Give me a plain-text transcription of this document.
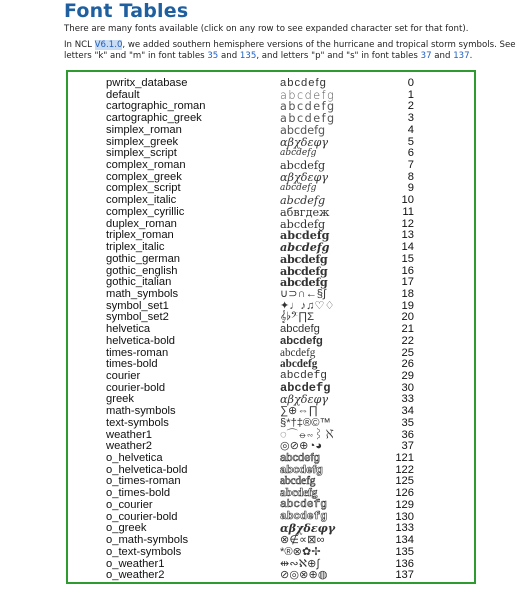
Font Tables
There are many fonts available (click on any row to see expanded character set for that font).
In NCL V6.1.0, we added southern hemisphere versions of the hurricane and tropical storm symbols. See letters "k" and "m" in font tables 35 and 135, and letters "p" and "s" in font tables 37 and 137.
pwritx_database	abcdefg	0
default	abcdefg	1
cartographic_roman	abcdefg	2
cartographic_greek	abcdefg	3
simplex_roman	abcdefg	4
simplex_greek	αβχδεφγ	5
simplex_script	abcdefg	6
complex_roman	abcdefg	7
complex_greek	αβχδεφγ	8
complex_script	abcdefg	9
complex_italic	abcdefg	10
complex_cyrillic	абвгдеж	11
duplex_roman	abcdefg	12
triplex_roman	abcdefg	13
triplex_italic	abcdefg	14
gothic_german	abcdefg	15
gothic_english	abcdefg	16
gothic_italian	abcdefg	17
math_symbols	∪⊃∩←§∫	18
symbol_set1	✦♩♪♫♡♢	19
symbol_set2	𝄞♭𝄢∏Σ	20
helvetica	abcdefg	21
helvetica-bold	abcdefg	22
times-roman	abcdefg	25
times-bold	abcdefg	26
courier	abcdefg	29
courier-bold	abcdefg	30
greek	αβχδεφγ	33
math-symbols	∑⊕⇔∏	34
text-symbols	§*†‡®©™	35
weather1	◌⌒⦵∾⌇ℵ	36
weather2	◎⊘⊕◔◕	37
o_helvetica	abcdefg	121
o_helvetica-bold	abcdefg	122
o_times-roman	abcdefg	125
o_times-bold	abcdefg	126
o_courier	abcdefg	129
o_courier-bold	abcdefg	130
o_greek	αβχδεφγ	133
o_math-symbols	⊗∉∝⊠∞	134
o_text-symbols	*®⊗✿✢	135
o_weather1	⇹∾ℵ⊕∫	136
o_weather2	⊘◎⊗⊕◍	137
